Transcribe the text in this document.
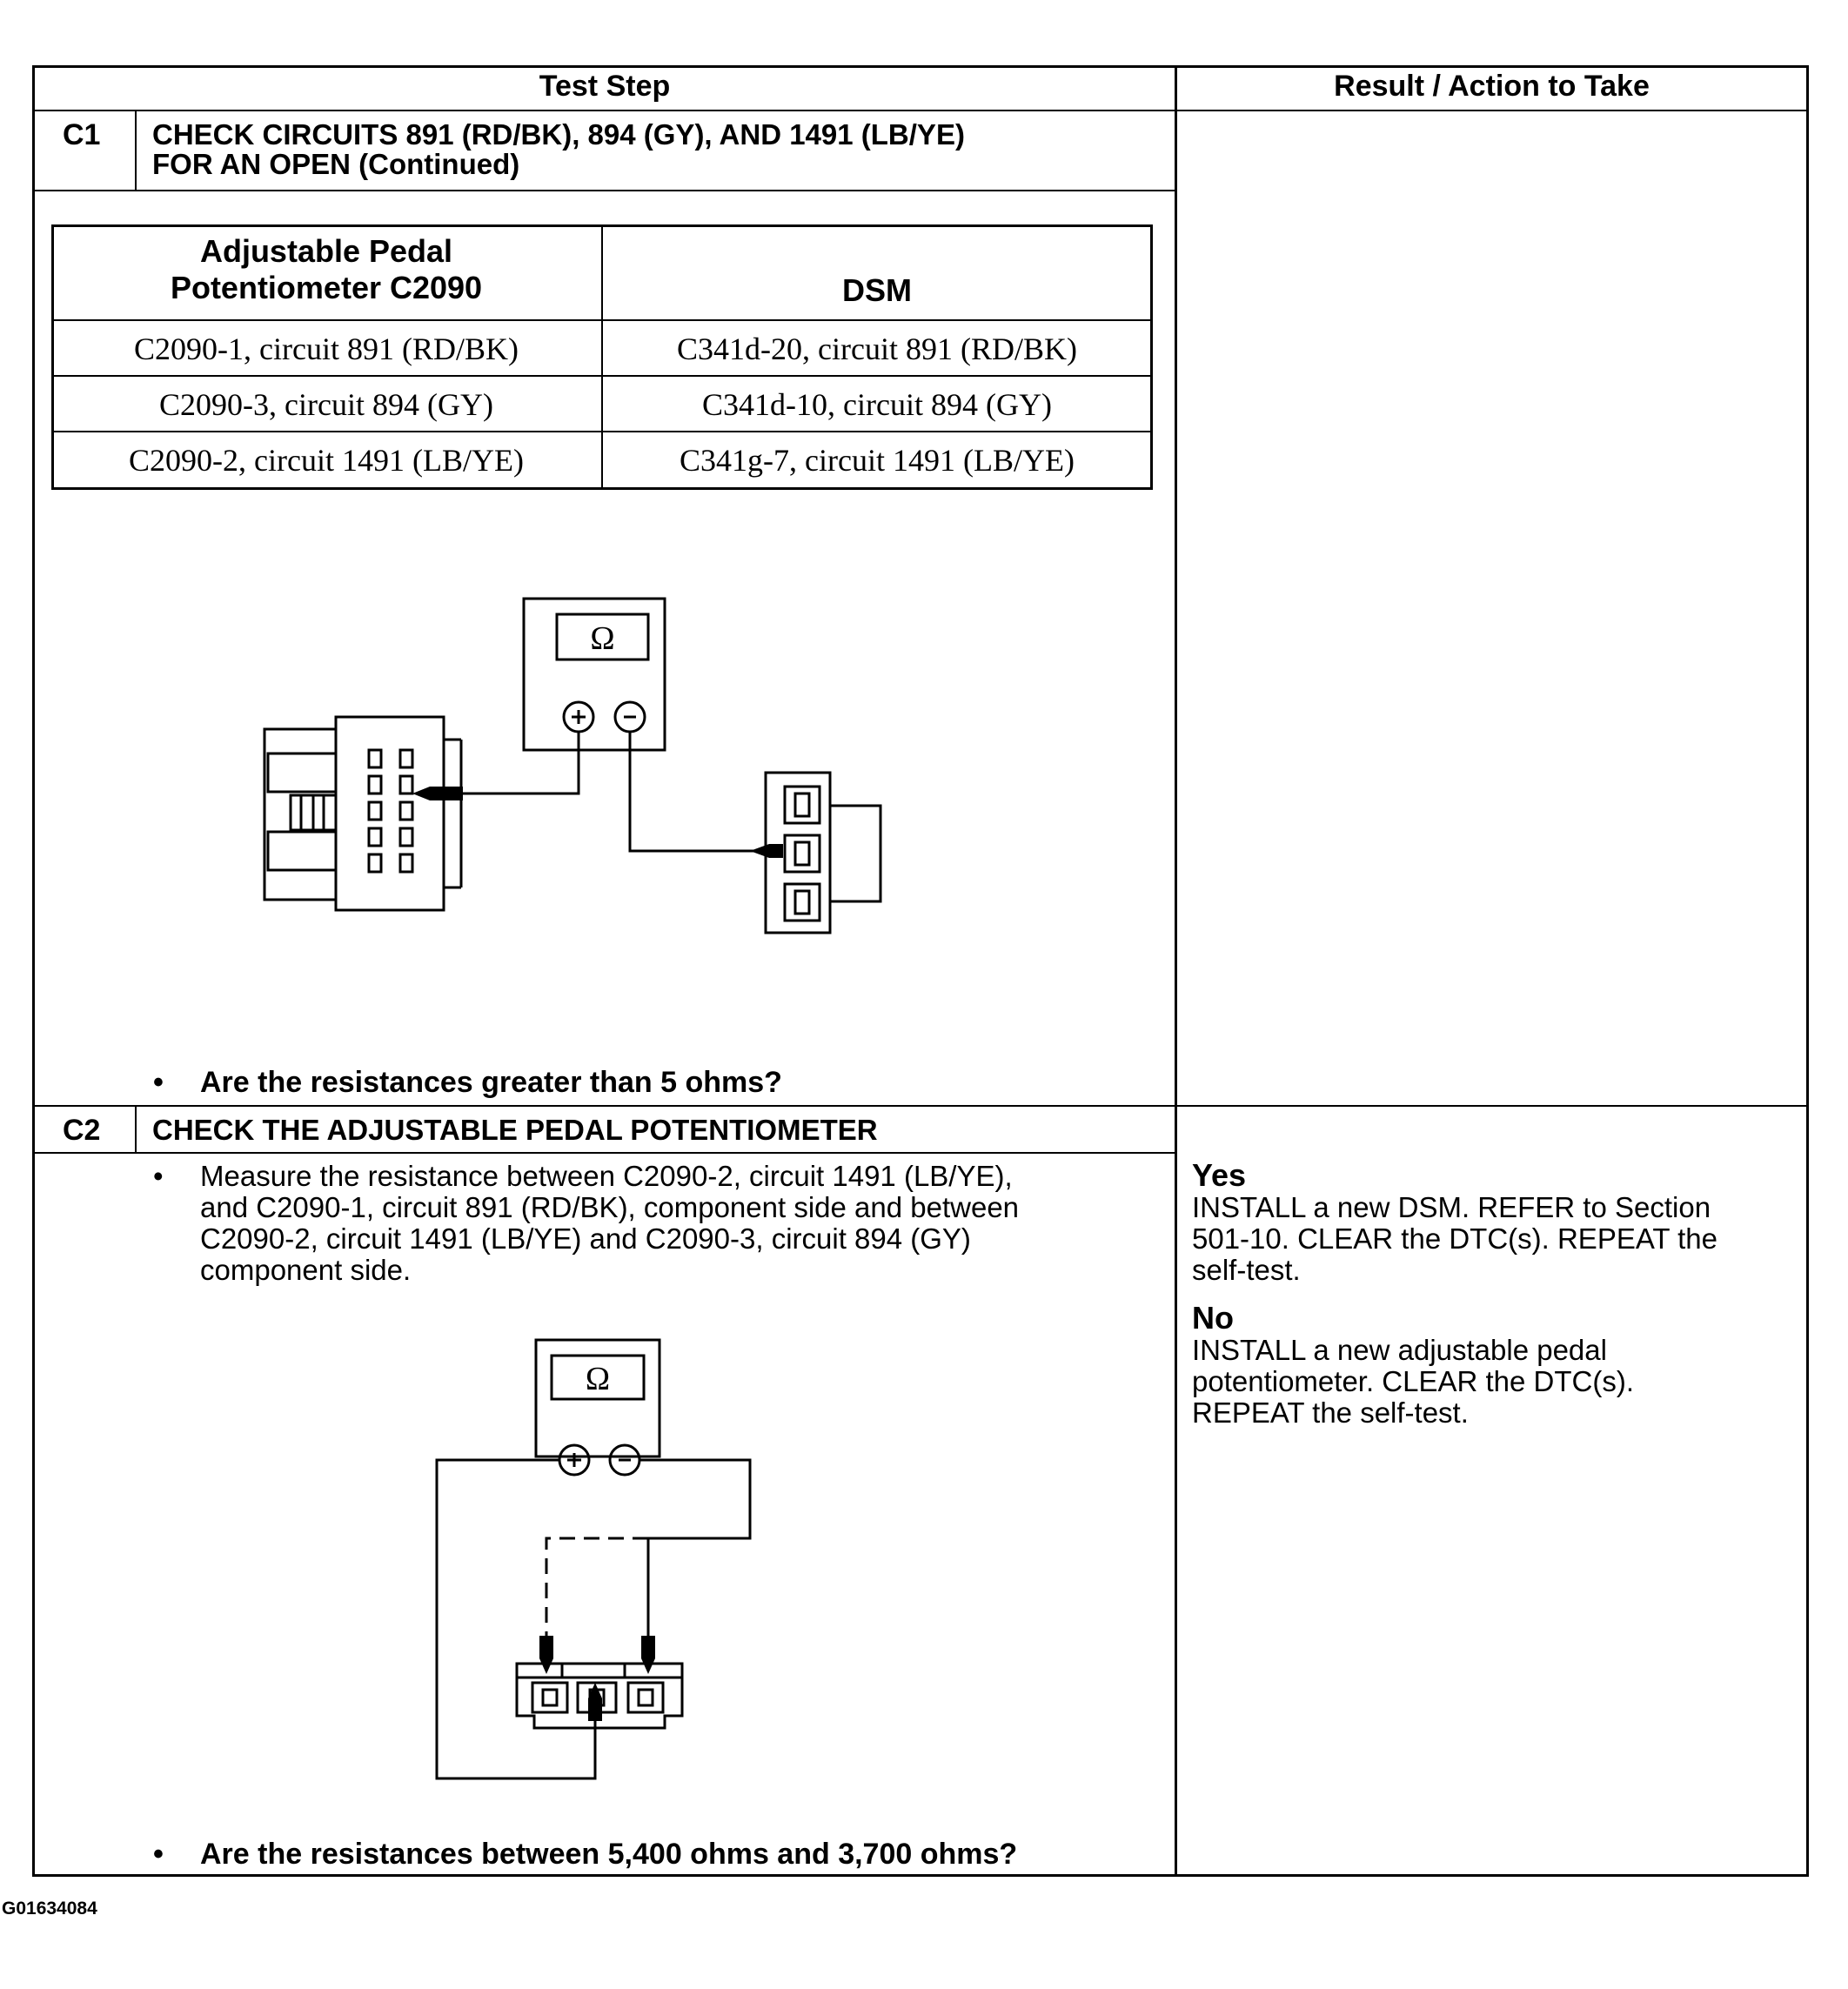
Test Step	Result / Action to Take
C1 CHECK CIRCUITS 891 (RD/BK), 894 (GY), AND 1491 (LB/YE)
FOR AN OPEN (Continued)
Adjustable Pedal
Potentiometer C2090	DSM
C2090-1, circuit 891 (RD/BK)	C341d-20, circuit 891 (RD/BK)
C2090-3, circuit 894 (GY)	C341d-10, circuit 894 (GY)
C2090-2, circuit 1491 (LB/YE)	C341g-7, circuit 1491 (LB/YE)
• Are the resistances greater than 5 ohms?
C2 CHECK THE ADJUSTABLE PEDAL POTENTIOMETER
• Measure the resistance between C2090-2, circuit 1491 (LB/YE),
and C2090-1, circuit 891 (RD/BK), component side and between
C2090-2, circuit 1491 (LB/YE) and C2090-3, circuit 894 (GY)
component side.
• Are the resistances between 5,400 ohms and 3,700 ohms?
Yes
INSTALL a new DSM. REFER to Section
501-10. CLEAR the DTC(s). REPEAT the
self-test.
No
INSTALL a new adjustable pedal
potentiometer. CLEAR the DTC(s).
REPEAT the self-test.
Ω
Ω
G01634084
